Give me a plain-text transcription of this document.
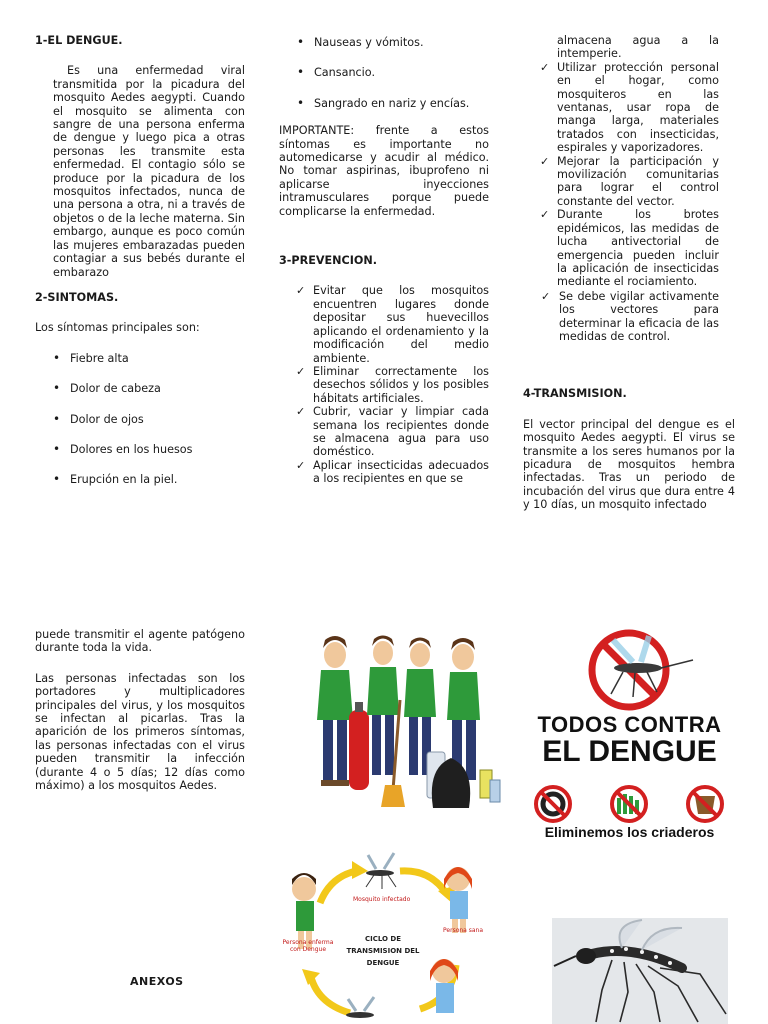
1-EL DENGUE.

Es una enfermedad viral transmitida por la picadura del mosquito Aedes aegypti. Cuando el mosquito se alimenta con sangre de una persona enferma de dengue y luego pica a otras personas les transmite esta enfermedad. El contagio sólo se produce por la picadura de los mosquitos infectados, nunca de una persona a otra, ni a través de objetos o de la leche materna. Sin embargo, aunque es poco común las mujeres embarazadas pueden contagiar a sus bebés durante el embarazo

2-SINTOMAS.

Los síntomas principales son:

• Fiebre alta
• Dolor de cabeza
• Dolor de ojos
• Dolores en los huesos
• Erupción en la piel.
• Nauseas y vómitos.
• Cansancio.
• Sangrado en nariz y encías.

IMPORTANTE: frente a estos síntomas es importante no automedicarse y acudir al médico. No tomar aspirinas, ibuprofeno ni aplicarse inyecciones intramusculares porque puede complicarse la enfermedad.

3-PREVENCION.

✓ Evitar que los mosquitos encuentren lugares donde depositar sus huevecillos aplicando el ordenamiento y la modificación del medio ambiente.
✓ Eliminar correctamente los desechos sólidos y los posibles hábitats artificiales.
✓ Cubrir, vaciar y limpiar cada semana los recipientes donde se almacena agua para uso doméstico.
✓ Aplicar insecticidas adecuados a los recipientes en que se

almacena agua a la intemperie.

✓ Utilizar protección personal en el hogar, como mosquiteros en las ventanas, usar ropa de manga larga, materiales tratados con insecticidas, espirales y vaporizadores.
✓ Mejorar la participación y movilización comunitarias para lograr el control constante del vector.
✓ Durante los brotes epidémicos, las medidas de lucha antivectorial de emergencia pueden incluir la aplicación de insecticidas mediante el rociamiento.
✓ Se debe vigilar activamente los vectores para determinar la eficacia de las medidas de control.

4-TRANSMISION.

El vector principal del dengue es el mosquito Aedes aegypti. El virus se transmite a los seres humanos por la picadura de mosquitos hembra infectadas. Tras un periodo de incubación del virus que dura entre 4 y 10 días, un mosquito infectado

puede transmitir el agente patógeno durante toda la vida.

Las personas infectadas son los portadores y multiplicadores principales del virus, y los mosquitos se infectan al picarlas. Tras la aparición de los primeros síntomas, las personas infectadas con el virus pueden transmitir la infección (durante 4 o 5 días; 12 días como máximo) a los mosquitos Aedes.

ANEXOS

TODOS CONTRA
EL DENGUE
Eliminemos los criaderos
Mosquito infectado
Persona sana
Persona enferma con Dengue
CICLO DE TRANSMISION DEL DENGUE
